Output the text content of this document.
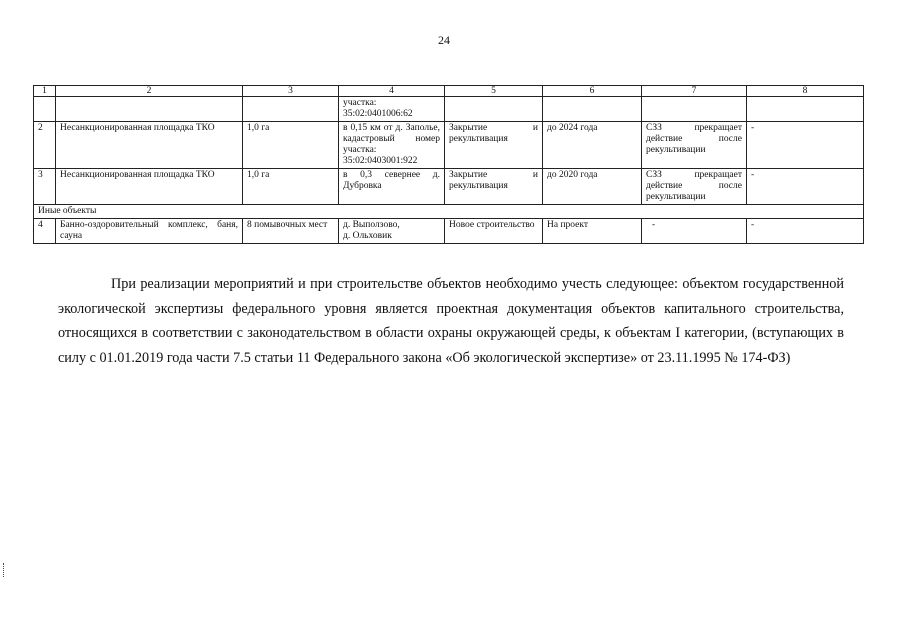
24
1	2	3	4	5	6	7	8
			участка:
35:02:0401006:62				
2	Несанкционированная площадка ТКО	1,0 га	в 0,15 км от д. Заполье, кадастровый номер участка: 35:02:0403001:922	Закрытие и рекультивация	до 2024 года	СЗЗ прекращает действие после рекультивации	-
3	Несанкционированная площадка ТКО	1,0 га	в 0,3 севернее д. Дубровка	Закрытие и рекультивация	до 2020 года	СЗЗ прекращает действие после рекультивации	-
Иные объекты							
4	Банно-оздоровительный комплекс, баня, сауна	8 помывочных мест	д. Выползово,
д. Ольховик	Новое строительство	На проект	-	-

При реализации мероприятий и при строительстве объектов необходимо учесть следующее: объектом государственной экологической экспертизы федерального уровня является проектная документация объектов капитального строительства, относящихся в соответствии с законодательством в области охраны окружающей среды, к объектам I категории, (вступающих в силу с 01.01.2019 года части 7.5 статьи 11 Федерального закона «Об экологической экспертизе» от 23.11.1995 № 174-ФЗ)
